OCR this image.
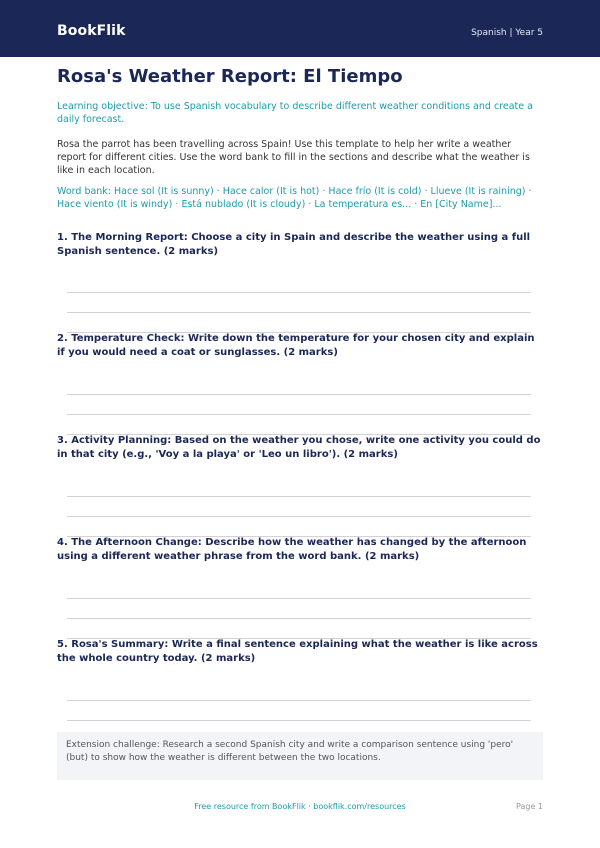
BookFlik	Spanish | Year 5
Rosa's Weather Report: El Tiempo
Learning objective: To use Spanish vocabulary to describe different weather conditions and create a daily forecast.
Rosa the parrot has been travelling across Spain! Use this template to help her write a weather report for different cities. Use the word bank to fill in the sections and describe what the weather is like in each location.
Word bank: Hace sol (It is sunny) · Hace calor (It is hot) · Hace frío (It is cold) · Llueve (It is raining) · Hace viento (It is windy) · Está nublado (It is cloudy) · La temperatura es... · En [City Name]...
1. The Morning Report: Choose a city in Spain and describe the weather using a full Spanish sentence. (2 marks)
2. Temperature Check: Write down the temperature for your chosen city and explain if you would need a coat or sunglasses. (2 marks)
3. Activity Planning: Based on the weather you chose, write one activity you could do in that city (e.g., 'Voy a la playa' or 'Leo un libro'). (2 marks)
4. The Afternoon Change: Describe how the weather has changed by the afternoon using a different weather phrase from the word bank. (2 marks)
5. Rosa's Summary: Write a final sentence explaining what the weather is like across the whole country today. (2 marks)
Extension challenge: Research a second Spanish city and write a comparison sentence using 'pero' (but) to show how the weather is different between the two locations.
Free resource from BookFlik · bookflik.com/resources	Page 1
